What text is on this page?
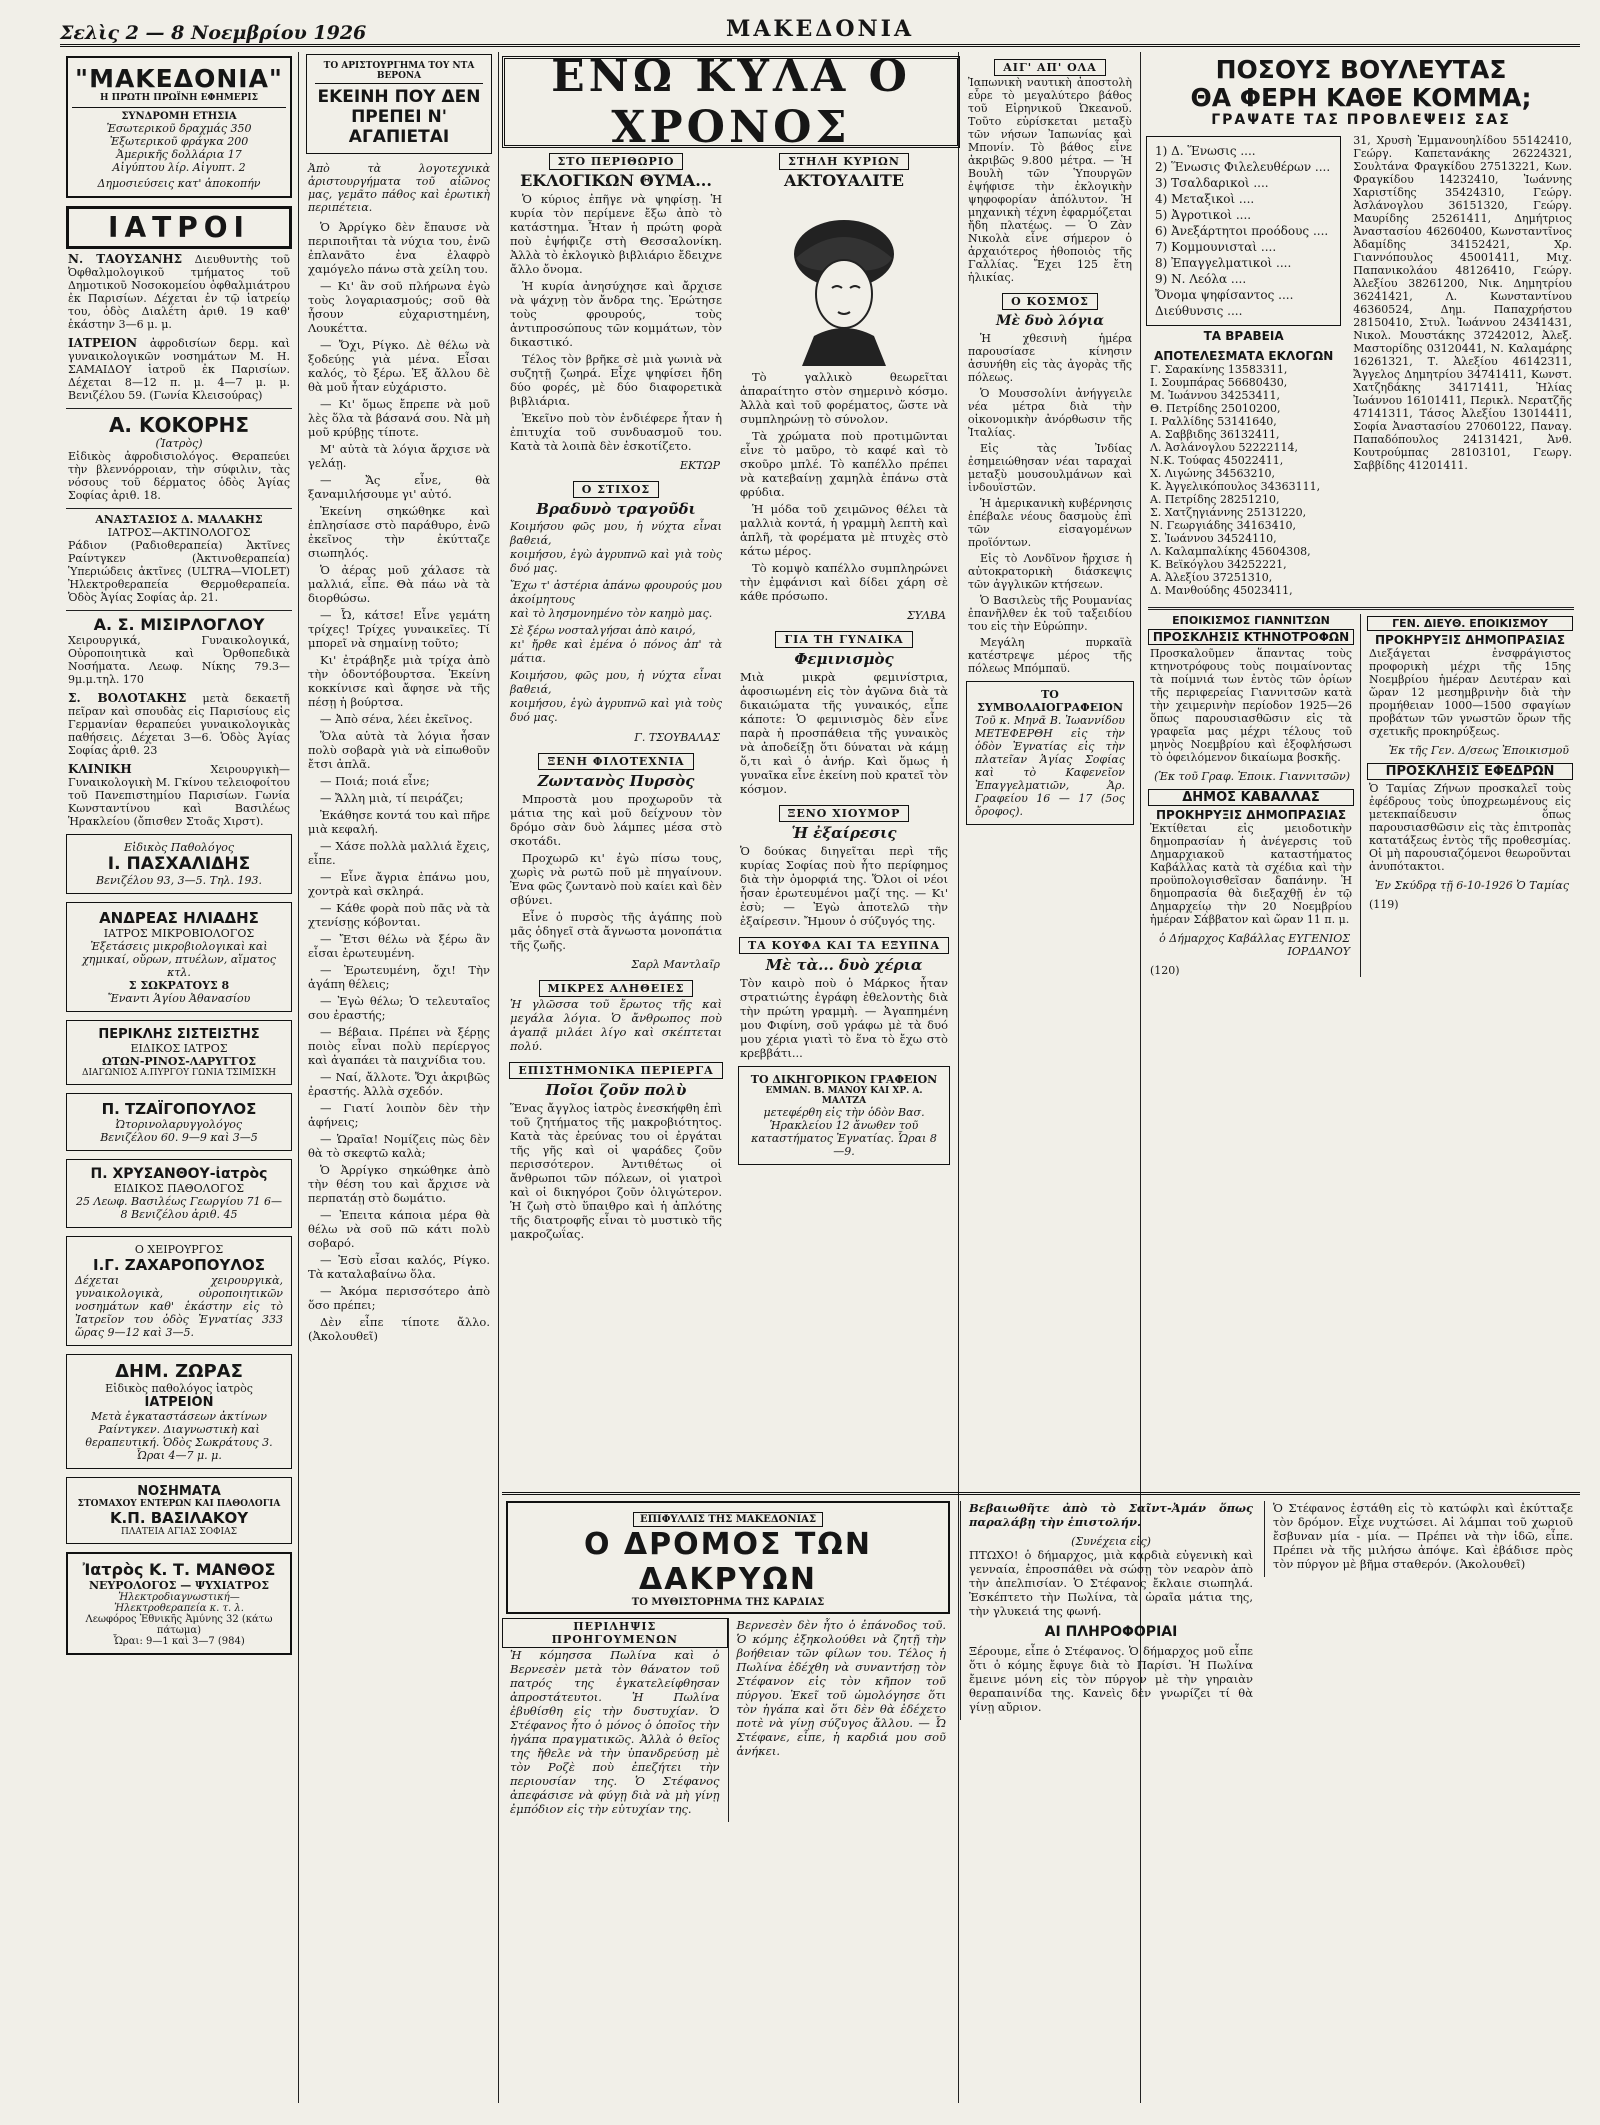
Σελὶς 2 — 8 Νοεμβρίου 1926	ΜΑΚΕΔΟΝΙΑ
"ΜΑΚΕΔΟΝΙΑ"
Η ΠΡΩΤΗ ΠΡΩΪΝΗ ΕΦΗΜΕΡΙΣ
ΣΥΝΔΡΟΜΗ ΕΤΗΣΙΑ
Ἐσωτερικοῦ δραχμάς 350
Ἐξωτερικοῦ φράγκα 200
Ἀμερικῆς δολλάρια 17
Αἰγύπτου λίρ. Αἰγυπτ. 2
Δημοσιεύσεις κατ' ἀποκοπήν
ΙΑΤΡΟΙ
Ν. ΤΑΟΥΣΑΝΗΣ Διευθυντὴς τοῦ Ὀφθαλμολογικοῦ τμήματος τοῦ Δημοτικοῦ Νοσοκομείου ὀφθαλμιάτρου ἐκ Παρισίων. Δέχεται ἐν τῷ ἰατρείῳ του, ὁδὸς Διαλέτη ἀριθ. 19 καθ' ἑκάστην 3—6 μ. μ.
ΙΑΤΡΕΙΟΝ ἀφροδισίων δερμ. καὶ γυναικολογικῶν νοσημάτων Μ. Η. ΣΑΜΑΙΔΟΥ ἰατροῦ ἐκ Παρισίων. Δέχεται 8—12 π. μ. 4—7 μ. μ. Βενιζέλου 59. (Γωνία Κλεισούρας)
Α. ΚΟΚΟΡΗΣ
(Ἰατρὸς)
Εἰδικὸς ἀφροδισιολόγος. Θεραπεύει τὴν βλεννόρροιαν, τὴν σύφιλιν, τὰς νόσους τοῦ δέρματος ὁδὸς Ἁγίας Σοφίας ἀριθ. 18.
ΑΝΑΣΤΑΣΙΟΣ Δ. ΜΑΛΑΚΗΣ
ΙΑΤΡΟΣ—ΑΚΤΙΝΟΛΟΓΟΣ
Ράδιον (Ραδιοθεραπεία) Ἀκτῖνες Ραίντγκεν (Ἀκτινοθεραπεία) Ὑπεριώδεις ἀκτῖνες (ULTRA—VIOLET) Ἠλεκτροθεραπεία Θερμοθεραπεία. Ὁδὸς Ἁγίας Σοφίας ἀρ. 21.
Α. Σ. ΜΙΣΙΡΛΟΓΛΟΥ
Χειρουργικά, Γυναικολογικά, Οὐροποιητικὰ καὶ Ὀρθοπεδικὰ Νοσήματα. Λεωφ. Νίκης 79.3—9μ.μ.τηλ. 170
Σ. ΒΟΛΟΤΑΚΗΣ μετὰ δεκαετῆ πεῖραν καὶ σπουδὰς εἰς Παρισίους εἰς Γερμανίαν θεραπεύει γυναικολογικὰς παθήσεις. Δέχεται 3—6. Ὁδὸς Ἀγίας Σοφίας ἀριθ. 23
ΚΛΙΝΙΚΗ	Χειρουργικὴ—Γυναικολογικὴ Μ. Γκίνου τελειοφοίτου τοῦ Πανεπιστημίου Παρισίων. Γωνία Κωνσταντίνου καὶ Βασιλέως Ἡρακλείου (ὄπισθεν Στοᾶς Χιρστ).
Εἰδικὸς Παθολόγος
Ι. ΠΑΣΧΑΛΙΔΗΣ
Βενιζέλου 93, 3—5. Τηλ. 193.
ΑΝΔΡΕΑΣ ΗΛΙΑΔΗΣ
ΙΑΤΡΟΣ ΜΙΚΡΟΒΙΟΛΟΓΟΣ
Ἐξετάσεις μικροβιολογικαὶ καὶ χημικαί, οὔρων, πτυέλων, αἵματος κτλ.
Σ ΣΩΚΡΑΤΟΥΣ 8
Ἔναντι Ἁγίου Ἀθανασίου
ΠΕΡΙΚΛΗΣ ΣΙΣΤΕΙΣΤΗΣ
ΕΙΔΙΚΟΣ ΙΑΤΡΟΣ
ΩΤΩΝ-ΡΙΝΟΣ-ΛΑΡΥΓΓΟΣ
ΔΙΑΓΩΝΙΟΣ Α.ΠΥΡΓΟΥ ΓΩΝΙΑ ΤΣΙΜΙΣΚΗ
Π. ΤΖΑΪΓΟΠΟΥΛΟΣ
Ὠτορινολαρυγγολόγος
Βενιζέλου 60. 9—9 καὶ 3—5
Π. ΧΡΥΣΑΝΘΟΥ-ἰατρὸς
ΕΙΔΙΚΟΣ ΠΑΘΟΛΟΓΟΣ
25 Λεωφ. Βασιλέως Γεωργίου 71 6—8 Βενιζέλου ἀριθ. 45
Ο ΧΕΙΡΟΥΡΓΟΣ
Ι.Γ. ΖΑΧΑΡΟΠΟΥΛΟΣ
Δέχεται χειρουργικὰ, γυναικολογικὰ, οὐροποιητικῶν νοσημάτων καθ' ἑκάστην εἰς τὸ Ἰατρεῖον του ὁδὸς Ἐγνατίας 333 ὥρας 9—12 καὶ 3—5.
ΔΗΜ. ΖΩΡΑΣ
Εἰδικὸς παθολόγος ἰατρὸς
ΙΑΤΡΕΙΟΝ
Μετὰ ἐγκαταστάσεων ἀκτίνων Ραίντγκεν. Διαγνωστικὴ καὶ θεραπευτική. Ὁδὸς Σωκράτους 3. Ὧραι 4—7 μ. μ.
ΝΟΣΗΜΑΤΑ
ΣΤΟΜΑΧΟΥ ΕΝΤΕΡΩΝ ΚΑΙ ΠΑΘΟΛΟΓΙΑ
Κ.Π. ΒΑΣΙΛΑΚΟΥ
ΠΛΑΤΕΙΑ ΑΓΙΑΣ ΣΟΦΙΑΣ
Ἰατρὸς Κ. Τ. ΜΑΝΘΟΣ
ΝΕΥΡΟΛΟΓΟΣ — ΨΥΧΙΑΤΡΟΣ
Ἠλεκτροδιαγνωστική—Ἠλεκτροθεραπεία κ. τ. λ.
Λεωφόρος Ἐθνικῆς Ἀμύνης 32 (κάτω πάτωμα)
Ὧραι: 9—1 καὶ 3—7 (984)
ΤΟ ΑΡΙΣΤΟΥΡΓΗΜΑ ΤΟΥ ΝΤΑ ΒΕΡΟΝΑ
ΕΚΕΙΝΗ ΠΟΥ ΔΕΝ ΠΡΕΠΕΙ Ν' ΑΓΑΠΙΕΤΑΙ
Ἀπὸ τὰ λογοτεχνικὰ ἀριστουργήματα τοῦ αἰῶνος μας, γεμᾶτο πάθος καὶ ἐρωτικὴ περιπέτεια.

Ὁ Ἀρρίγκο δὲν ἔπαυσε νὰ περιποιῆται τὰ νύχια του, ἐνῶ ἐπλανᾶτο ἐνα ἐλαφρὸ χαμόγελο πάνω στὰ χείλη του.

— Κι' ἂν σοῦ πλήρωνα ἐγὼ τοὺς λογαριασμούς; σοῦ θὰ ἦσουν εὐχαριστημένη, Λουκέττα.

— Ὄχι, Ρίγκο. Δὲ θέλω νὰ ξοδεύῃς γιὰ μένα. Εἶσαι καλός, τὸ ξέρω. Ἐξ ἄλλου δὲ θὰ μοῦ ἦταν εὐχάριστο.

— Κι' ὅμως ἔπρεπε νὰ μοῦ λὲς ὅλα τὰ βάσανά σου. Νὰ μὴ μοῦ κρύβῃς τίποτε.

Μ' αὐτὰ τὰ λόγια ἄρχισε νὰ γελάῃ.

— Ἄς εἶνε, θὰ ξαναμιλήσουμε γι' αὐτό.

Ἐκείνη σηκώθηκε καὶ ἐπλησίασε στὸ παράθυρο, ἐνῶ ἐκεῖνος τὴν ἐκύτταζε σιωπηλός.

Ὁ ἀέρας μοῦ χάλασε τὰ μαλλιά, εἶπε. Θὰ πάω νὰ τὰ διορθώσω.

— Ὦ, κάτσε! Εἶνε γεμάτη τρίχες! Τρίχες γυναικεῖες. Τί μπορεῖ νὰ σημαίνῃ τοῦτο;

Κι' ἐτράβηξε μιὰ τρίχα ἀπὸ τὴν ὁδοντόβουρτσα. Ἐκείνη κοκκίνισε καὶ ἄφησε νὰ τῆς πέσῃ ἡ βούρτσα.

— Ἀπὸ σένα, λέει ἐκεῖνος.

Ὅλα αὐτὰ τὰ λόγια ἦσαν πολὺ σοβαρὰ γιὰ νὰ εἰπωθοῦν ἔτσι ἀπλᾶ.

— Ποιά; ποιά εἶνε;

— Ἄλλη μιὰ, τί πειράζει;

Ἐκάθησε κοντά του καὶ πῆρε μιὰ κεφαλή.

— Χάσε πολλὰ μαλλιά ἔχεις, εἶπε.

— Εἶνε ἄγρια ἐπάνω μου, χοντρὰ καὶ σκληρά.

— Κάθε φορὰ ποὺ πᾶς νὰ τὰ χτενίσῃς κόβονται.

— Ἔτσι θέλω νὰ ξέρω ἂν εἶσαι ἐρωτευμένη.

— Ἐρωτευμένη, ὄχι! Τὴν ἀγάπη θέλεις;

— Ἐγὼ θέλω; Ὁ τελευταῖος σου ἐραστής;

— Βέβαια. Πρέπει νὰ ξέρῃς ποιὸς εἶναι πολὺ περίεργος καὶ ἀγαπάει τὰ παιχνίδια του.

— Ναί, ἄλλοτε. Ὄχι ἀκριβῶς ἐραστής. Ἀλλὰ σχεδόν.

— Γιατί λοιπὸν δὲν τὴν ἀφήνεις;

— Ὡραῖα! Νομίζεις πὼς δὲν θὰ τὸ σκεφτῶ καλὰ;

Ὁ Ἀρρίγκο σηκώθηκε ἀπὸ τὴν θέση του καὶ ἄρχισε νὰ περπατάῃ στὸ δωμάτιο.

— Ἐπειτα κάποια μέρα θὰ θέλω νὰ σοῦ πῶ κάτι πολὺ σοβαρό.

— Ἐσὺ εἶσαι καλός, Ρίγκο. Τὰ καταλαβαίνω ὅλα.

— Ἀκόμα περισσότερο ἀπὸ ὅσο πρέπει;

Δὲν εἶπε τίποτε ἄλλο. (Ἀκολουθεῖ)

ΕΝΩ ΚΥΛΑ Ο ΧΡΟΝΟΣ
ΣΤΟ ΠΕΡΙΘΩΡΙΟ
ΕΚΛΟΓΙΚΩΝ ΘΥΜΑ...

Ὁ κύριος ἐπῆγε νὰ ψηφίσῃ. Ἡ κυρία τὸν περίμενε ἔξω ἀπὸ τὸ κατάστημα. Ἦταν ἡ πρώτη φορὰ ποὺ ἐψήφιζε στὴ Θεσσαλονίκη. Ἀλλὰ τὸ ἐκλογικὸ βιβλιάριο ἔδειχνε ἄλλο ὄνομα.

Ἡ κυρία ἀνησύχησε καὶ ἄρχισε νὰ ψάχνῃ τὸν ἄνδρα της. Ἐρώτησε τοὺς φρουρούς, τοὺς ἀντιπροσώπους τῶν κομμάτων, τὸν δικαστικό.

Τέλος τὸν βρῆκε σὲ μιὰ γωνιὰ νὰ συζητῇ ζωηρά. Εἶχε ψηφίσει ἤδη δύο φορές, μὲ δύο διαφορετικὰ βιβλιάρια.

Ἐκεῖνο ποὺ τὸν ἐνδιέφερε ἦταν ἡ ἐπιτυχία τοῦ συνδυασμοῦ του. Κατὰ τὰ λοιπὰ δὲν ἐσκοτίζετο.

ΕΚΤΩΡ
Ο ΣΤΙΧΟΣ
Βραδυνὸ τραγοῦδι

Κοιμήσου φῶς μου, ἡ νύχτα εἶναι βαθειά,
κοιμήσου, ἐγὼ ἀγρυπνῶ καὶ γιὰ τοὺς δυό μας.

Ἔχω τ' ἀστέρια ἀπάνω φρουρούς μου ἀκοίμητους
καὶ τὸ λησμονημένο τὸν καημὸ μας.

Σὲ ξέρω νοσταλγήσαι ἀπὸ καιρό,
κι' ἤρθε καὶ ἐμένα ὁ πόνος ἀπ' τὰ μάτια.

Κοιμήσου, φῶς μου, ἡ νύχτα εἶναι βαθειά,
κοιμήσου, ἐγὼ ἀγρυπνῶ καὶ γιὰ τοὺς δυό μας.

Γ. ΤΣΟΥΒΑΛΑΣ
ΞΕΝΗ ΦΙΛΟΤΕΧΝΙΑ
Ζωντανὸς Πυρσὸς

Μπροστὰ μου προχωροῦν τὰ μάτια της καὶ μοῦ δείχνουν τὸν δρόμο σὰν δυὸ λάμπες μέσα στὸ σκοτάδι.

Προχωρῶ κι' ἐγὼ πίσω τους, χωρὶς νὰ ρωτῶ ποῦ μὲ πηγαίνουν. Ἐνα φῶς ζωντανὸ ποὺ καίει καὶ δὲν σβύνει.

Εἶνε ὁ πυρσὸς τῆς ἀγάπης ποὺ μᾶς ὁδηγεῖ στὰ ἄγνωστα μονοπάτια τῆς ζωῆς.

Σαρλ Μαντλαῖρ
ΜΙΚΡΕΣ ΑΛΗΘΕΙΕΣ
Ἡ γλῶσσα τοῦ ἔρωτος τῆς καὶ μεγάλα λόγια. Ὁ ἄνθρωπος ποὺ ἀγαπᾷ μιλάει λίγο καὶ σκέπτεται πολύ.
ΕΠΙΣΤΗΜΟΝΙΚΑ ΠΕΡΙΕΡΓΑ
Ποῖοι ζοῦν πολὺ
Ἕνας ἄγγλος ἰατρὸς ἐνεσκήφθη ἐπὶ τοῦ ζητήματος τῆς μακροβιότητος. Κατὰ τὰς ἐρεύνας του οἱ ἐργάται τῆς γῆς καὶ οἱ ψαράδες ζοῦν περισσότερον. Ἀντιθέτως οἱ ἄνθρωποι τῶν πόλεων, οἱ γιατροὶ καὶ οἱ δικηγόροι ζοῦν ὀλιγώτερον. Ἡ ζωὴ στὸ ὕπαιθρο καὶ ἡ ἀπλότης τῆς διατροφῆς εἶναι τὸ μυστικὸ τῆς μακροζωΐας.
ΣΤΗΛΗ ΚΥΡΙΩΝ
ΑΚΤΟΥΑΛΙΤΕ

Τὸ γαλλικὸ θεωρεῖται ἀπαραίτητο στὸν σημερινὸ κόσμο. Ἀλλὰ καὶ τοῦ φορέματος, ὥστε νὰ συμπληρώνῃ τὸ σύνολον.

Τὰ χρώματα ποὺ προτιμῶνται εἶνε τὸ μαῦρο, τὸ καφέ καὶ τὸ σκοῦρο μπλέ. Τὸ καπέλλο πρέπει νὰ κατεβαίνῃ χαμηλὰ ἐπάνω στὰ φρύδια.

Ἡ μόδα τοῦ χειμῶνος θέλει τὰ μαλλιὰ κοντά, ἡ γραμμὴ λεπτὴ καὶ ἁπλῆ, τὰ φορέματα μὲ πτυχὲς στὸ κάτω μέρος.

Τὸ κομψὸ καπέλλο συμπληρώνει τὴν ἐμφάνισι καὶ δίδει χάρη σὲ κάθε πρόσωπο.

ΣΥΛΒΑ
ΓΙΑ ΤΗ ΓΥΝΑΙΚΑ
Φεμινισμὸς
Μιὰ μικρὰ φεμινίστρια, ἀφοσιωμένη εἰς τὸν ἀγῶνα διὰ τὰ δικαιώματα τῆς γυναικός, εἶπε κάποτε: Ὁ φεμινισμὸς δὲν εἶνε παρὰ ἡ προσπάθεια τῆς γυναικὸς νὰ ἀποδείξῃ ὅτι δύναται νὰ κάμῃ ὅ,τι καὶ ὁ ἀνήρ. Καὶ ὅμως ἡ γυναῖκα εἶνε ἐκείνη ποὺ κρατεῖ τὸν κόσμον.
ΞΕΝΟ ΧΙΟΥΜΟΡ
Ἡ ἐξαίρεσις
Ὁ δούκας διηγεῖται περὶ τῆς κυρίας Σοφίας ποὺ ἦτο περίφημος διὰ τὴν ὀμορφιά της. Ὅλοι οἱ νέοι ἦσαν ἐρωτευμένοι μαζί της. — Κι' ἐσὺ; — Ἐγὼ ἀποτελῶ τὴν ἐξαίρεσιν. Ἤμουν ὁ σύζυγός της.
ΤΑ ΚΟΥΦΑ ΚΑΙ ΤΑ ΕΞΥΠΝΑ
Μὲ τὰ... δυὸ χέρια
Τὸν καιρὸ ποὺ ὁ Μάρκος ἦταν στρατιώτης ἐγράφη ἐθελοντὴς διὰ τὴν πρώτη γραμμὴ. — Ἀγαπημένη μου Φιφίνη, σοῦ γράφω μὲ τὰ δυό μου χέρια γιατὶ τὸ ἕνα τὸ ἔχω στὸ κρεββάτι...
ΤΟ ΔΙΚΗΓΟΡΙΚΟΝ ΓΡΑΦΕΙΟΝ
ΕΜΜΑΝ. Β. ΜΑΝΟΥ ΚΑΙ ΧΡ. Α. ΜΑΛΤΖΑ
μετεφέρθη εἰς τὴν ὁδὸν Βασ. Ἡρακλείου 12 ἄνωθεν τοῦ καταστήματος Ἐγνατίας. Ὧραι 8—9.
ΑΙΓ' ΑΠ' ΟΛΑ
Ἰαπωνικὴ ναυτικὴ ἀποστολὴ εὗρε τὸ μεγαλύτερο βάθος τοῦ Εἰρηνικοῦ Ὠκεανοῦ. Τοῦτο εὑρίσκεται μεταξὺ τῶν νήσων Ἰαπωνίας καὶ Μπονίν. Τὸ βάθος εἶνε ἀκριβῶς 9.800 μέτρα. — Ἡ Βουλὴ τῶν Ὑπουργῶν ἐψήφισε τὴν ἐκλογικὴν ψηφοφορίαν ἀπόλυτον. Ἡ μηχανικὴ τέχνη ἐφαρμόζεται ἤδη πλατέως. — Ὁ Ζὰν Νικολὰ εἶνε σήμερον ὁ ἀρχαιότερος ἡθοποιὸς τῆς Γαλλίας. Ἔχει 125 ἔτη ἡλικίας.
Ο ΚΟΣΜΟΣ
Μὲ δυὸ λόγια

Ἡ χθεσινὴ ἡμέρα παρουσίασε κίνησιν ἀσυνήθη εἰς τὰς ἀγορὰς τῆς πόλεως.

Ὁ Μουσσολίνι ἀνήγγειλε νέα μέτρα διὰ τὴν οἰκονομικὴν ἀνόρθωσιν τῆς Ἰταλίας.

Εἰς τὰς Ἰνδίας ἐσημειώθησαν νέαι ταραχαὶ μεταξὺ μουσουλμάνων καὶ ἰνδουϊστῶν.

Ἡ ἀμερικανικὴ κυβέρνησις ἐπέβαλε νέους δασμοὺς ἐπὶ τῶν εἰσαγομένων προϊόντων.

Εἰς τὸ Λονδῖνον ἤρχισε ἡ αὐτοκρατορικὴ διάσκεψις τῶν ἀγγλικῶν κτήσεων.

Ὁ Βασιλεὺς τῆς Ρουμανίας ἐπανῆλθεν ἐκ τοῦ ταξειδίου του εἰς τὴν Εὐρώπην.

Μεγάλη πυρκαϊὰ κατέστρεψε μέρος τῆς πόλεως Μπόμπαϋ.

ΤΟ ΣΥΜΒΟΛΑΙΟΓΡΑΦΕΙΟΝ
Τοῦ κ. Μηνᾶ Β. Ἰωαννίδου ΜΕΤΕΦΕΡΘΗ εἰς τὴν ὁδὸν Ἐγνατίας εἰς τὴν πλατεῖαν Ἁγίας Σοφίας καὶ τὸ Καφενεῖον Ἐπαγγελματιῶν, Ἀρ. Γραφείου 16 — 17 (5ος ὄροφος).
ΠΟΣΟΥΣ ΒΟΥΛΕΥΤΑΣ
ΘΑ ΦΕΡΗ ΚΑΘΕ ΚΟΜΜΑ;
ΓΡΑΨΑΤΕ ΤΑΣ ΠΡΟΒΛΕΨΕΙΣ ΣΑΣ
1) Δ. Ἕνωσις ....
2) Ἕνωσις Φιλελευθέρων ....
3) Τσαλδαρικοὶ ....
4) Μεταξικοὶ ....
5) Ἀγροτικοὶ ....
6) Ἀνεξάρτητοι προόδους ....
7) Κομμουνισταὶ ....
8) Ἐπαγγελματικοὶ ....
9) Ν. Λεόλα ....
Ὄνομα ψηφίσαντος ....
Διεύθυνσις ....
ΤΑ ΒΡΑΒΕΙΑ
ΑΠΟΤΕΛΕΣΜΑΤΑ ΕΚΛΟΓΩΝ
Γ. Σαρακίνης 13583311,
Ι. Σουμπάρας 56680430,
Μ. Ἰωάννου 34253411,
Θ. Πετρίδης 25010200,
Ι. Ραλλίδης 53141640,
Α. Σαββιδης 36132411,
Λ. Ἀσλάνογλου 52222114,
Ν.Κ. Τούφας 45022411,
Χ. Λιγώνης 34563210,
Κ. Ἀγγελικόπουλος 34363111,
Α. Πετρίδης 28251210,
Σ. Χατζηγιάννης 25131220,
Ν. Γεωργιάδης 34163410,
Σ. Ἰωάννου 34524110,
Λ. Καλαμπαλίκης 45604308,
Κ. Βεϊκόγλου 34252221,
Α. Ἀλεξίου 37251310,
Δ. Μανθούδης 45023411,
31, Χρυσὴ Ἐμμανουηλίδου 55142410, Γεώργ. Καπετανάκης 26224321, Σουλτάνα Φραγκίδου 27513221, Κων. Φραγκίδου 14232410, Ἰωάννης Χαριστίδης 35424310, Γεώργ. Ἀσλάνογλου 36151320, Γεώργ. Μαυρίδης 25261411, Δημήτριος Ἀναστασίου 46260400, Κωνσταντῖνος Ἀδαμίδης 34152421, Χρ. Γιαννόπουλος 45001411, Μιχ. Παπανικολάου 48126410, Γεώργ. Ἀλεξίου 38261200, Νικ. Δημητρίου 36241421, Λ. Κωνσταντίνου 46360524, Δημ. Παπαχρήστου 28150410, Στυλ. Ἰωάννου 24341431, Νικολ. Μουστάκης 37242012, Ἀλεξ. Μαστορίδης 03120441, Ν. Καλαμάρης 16261321, Τ. Ἀλεξίου 46142311, Ἄγγελος Δημητρίου 34741411, Κωνστ. Χατζηδάκης 34171411, Ἠλίας Ἰωάννου 16101411, Περικλ. Νερατζῆς 47141311, Τάσος Ἀλεξίου 13014411, Σοφία Ἀναστασίου 27060122, Παναγ. Παπαδόπουλος 24131421, Ἀνθ. Κουτρούμπας 28103101, Γεωργ. Σαββίδης 41201411.
ΕΠΟΙΚΙΣΜΟΣ ΓΙΑΝΝΙΤΣΩΝ
ΠΡΟΣΚΛΗΣΙΣ ΚΤΗΝΟΤΡΟΦΩΝ
Προσκαλοῦμεν ἅπαντας τοὺς κτηνοτρόφους τοὺς ποιμαίνοντας τὰ ποίμνιά των ἐντὸς τῶν ὁρίων τῆς περιφερείας Γιαννιτσῶν κατὰ τὴν χειμερινὴν περίοδον 1925—26 ὅπως παρουσιασθῶσιν εἰς τὰ γραφεῖα μας μέχρι τέλους τοῦ μηνὸς Νοεμβρίου καὶ ἐξοφλήσωσι τὸ ὀφειλόμενον δικαίωμα βοσκῆς.
(Ἐκ τοῦ Γραφ. Ἐποικ. Γιαννιτσῶν)
ΔΗΜΟΣ ΚΑΒΑΛΛΑΣ
ΠΡΟΚΗΡΥΞΙΣ ΔΗΜΟΠΡΑΣΙΑΣ
Ἐκτίθεται εἰς μειοδοτικὴν δημοπρασίαν ἡ ἀνέγερσις τοῦ Δημαρχιακοῦ καταστήματος Καβάλλας κατὰ τὰ σχέδια καὶ τὴν προϋπολογισθεῖσαν δαπάνην. Ἡ δημοπρασία θὰ διεξαχθῇ ἐν τῷ Δημαρχείῳ τὴν 20 Νοεμβρίου ἡμέραν Σάββατον καὶ ὥραν 11 π. μ.
ὁ Δήμαρχος Καβάλλας ΕΥΓΕΝΙΟΣ ΙΟΡΔΑΝΟΥ
(120)
ΓΕΝ. ΔΙΕΥΘ. ΕΠΟΙΚΙΣΜΟΥ
ΠΡΟΚΗΡΥΞΙΣ ΔΗΜΟΠΡΑΣΙΑΣ
Διεξάγεται ἐνσφράγιστος προφορικὴ μέχρι τῆς 15ης Νοεμβρίου ἡμέραν Δευτέραν καὶ ὥραν 12 μεσημβρινὴν διὰ τὴν προμήθειαν 1000—1500 σφαγίων προβάτων τῶν γνωστῶν ὅρων τῆς σχετικῆς προκηρύξεως.
Ἐκ τῆς Γεν. Δ/σεως Ἐποικισμοῦ
ΠΡΟΣΚΛΗΣΙΣ ΕΦΕΔΡΩΝ
Ὁ Ταμίας Ζήνων προσκαλεῖ τοὺς ἐφέδρους τοὺς ὑποχρεωμένους εἰς μετεκπαίδευσιν ὅπως παρουσιασθῶσιν εἰς τὰς ἐπιτροπὰς κατατάξεως ἐντὸς τῆς προθεσμίας. Οἱ μὴ παρουσιαζόμενοι θεωροῦνται ἀνυπότακτοι.
Ἐν Σκύδρᾳ τῇ 6-10-1926 Ὁ Ταμίας
(119)
ΕΠΙΦΥΛΛΙΣ ΤΗΣ ΜΑΚΕΔΟΝΙΑΣ
Ο ΔΡΟΜΟΣ ΤΩΝ ΔΑΚΡΥΩΝ
ΤΟ ΜΥΘΙΣΤΟΡΗΜΑ ΤΗΣ ΚΑΡΔΙΑΣ
ΠΕΡΙΛΗΨΙΣ ΠΡΟΗΓΟΥΜΕΝΩΝ
Ἡ κόμησσα Πωλίνα καὶ ὁ Βερνεσὲν μετὰ τὸν θάνατον τοῦ πατρός της ἐγκατελείφθησαν ἀπροστάτευτοι. Ἡ Πωλίνα ἐβυθίσθη εἰς τὴν δυστυχίαν. Ὁ Στέφανος ἦτο ὁ μόνος ὁ ὁποῖος τὴν ἠγάπα πραγματικῶς. Ἀλλὰ ὁ θεῖος της ἤθελε νὰ τὴν ὑπανδρεύσῃ μὲ τὸν Ροζὲ ποὺ ἐπεζήτει τὴν περιουσίαν της. Ὁ Στέφανος ἀπεφάσισε νὰ φύγῃ διὰ νὰ μὴ γίνῃ ἐμπόδιον εἰς τὴν εὐτυχίαν της.
Βερνεσὲν δὲν ἦτο ὁ ἐπάνοδος τοῦ. Ὁ κόμης ἐξηκολούθει νὰ ζητῇ τὴν βοήθειαν τῶν φίλων του. Τέλος ἡ Πωλίνα ἐδέχθη νὰ συναντήσῃ τὸν Στέφανον εἰς τὸν κῆπον τοῦ πύργου. Ἐκεῖ τοῦ ὡμολόγησε ὅτι τὸν ἠγάπα καὶ ὅτι δὲν θὰ ἐδέχετο ποτὲ νὰ γίνῃ σύζυγος ἄλλου. — Ὦ Στέφανε, εἶπε, ἡ καρδιά μου σοῦ ἀνήκει.
Βεβαιωθῆτε ἀπὸ τὸ Σαῖντ-Ἀμάν ὅπως παραλάβῃ τὴν ἐπιστολήν.
(Συνέχεια εἰς)
ΠΤΩΧΟ! ὁ δήμαρχος, μιὰ καρδιὰ εὐγενικὴ καὶ γενναία, ἐπροσπάθει νὰ σώσῃ τὸν νεαρὸν ἀπὸ τὴν ἀπελπισίαν. Ὁ Στέφανος ἔκλαιε σιωπηλά. Ἐσκέπτετο τὴν Πωλίνα, τὰ ὡραῖα μάτια της, τὴν γλυκειά της φωνή.
ΑΙ ΠΛΗΡΟΦΟΡΙΑΙ
Ξέρουμε, εἶπε ὁ Στέφανος. Ὁ δήμαρχος μοῦ εἶπε ὅτι ὁ κόμης ἔφυγε διὰ τὸ Παρίσι. Ἡ Πωλίνα ἔμεινε μόνη εἰς τὸν πύργον μὲ τὴν γηραιὰν θεραπαινίδα της. Κανεὶς δὲν γνωρίζει τί θὰ γίνῃ αὔριον.
Ὁ Στέφανος ἐστάθη εἰς τὸ κατώφλι καὶ ἐκύτταξε τὸν δρόμον. Εἶχε νυχτώσει. Αἱ λάμπαι τοῦ χωριοῦ ἔσβυναν μία - μία. — Πρέπει νὰ τὴν ἰδῶ, εἶπε. Πρέπει νὰ τῆς μιλήσω ἀπόψε. Καὶ ἐβάδισε πρὸς τὸν πύργον μὲ βῆμα σταθερόν. (Ἀκολουθεῖ)
